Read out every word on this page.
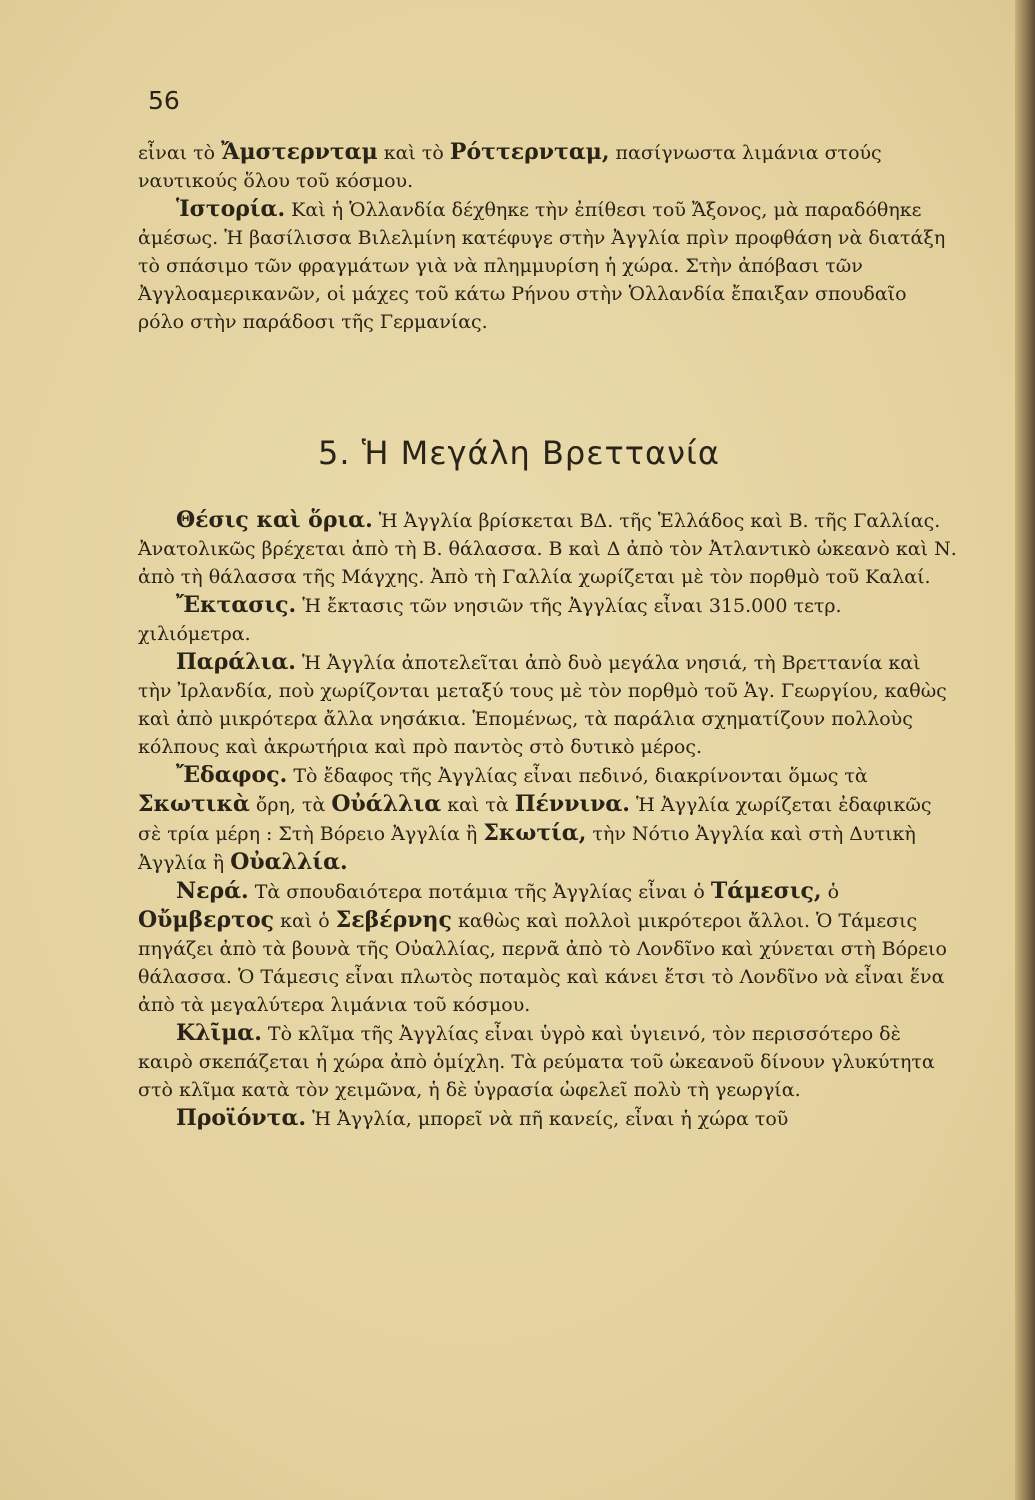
56

εἶναι τὸ Ἄμστερνταμ καὶ τὸ Ρόττερνταμ, πασίγνωστα λιμάνια στούς ναυτικούς ὅλου τοῦ κόσμου.

Ἱστορία. Καὶ ἡ Ὁλλανδία δέχθηκε τὴν ἐπίθεσι τοῦ Ἄξονος, μὰ παραδόθηκε ἀμέσως. Ἡ βασίλισσα Βιλελμίνη κατέφυγε στὴν Ἀγγλία πρὶν προφθάση νὰ διατάξη τὸ σπάσιμο τῶν φραγμάτων γιὰ νὰ πλημμυρίση ἡ χώρα. Στὴν ἀπόβασι τῶν Ἀγγλοαμερικανῶν, οἱ μάχες τοῦ κάτω Ρήνου στὴν Ὁλλανδία ἔπαιξαν σπουδαῖο ρόλο στὴν παράδοσι τῆς Γερμανίας.

5. Ἡ Μεγάλη Βρεττανία

Θέσις καὶ ὅρια. Ἡ Ἀγγλία βρίσκεται ΒΔ. τῆς Ἑλλάδος καὶ Β. τῆς Γαλλίας. Ἀνατολικῶς βρέχεται ἀπὸ τὴ Β. θάλασσα. Β καὶ Δ ἀπὸ τὸν Ἀτλαντικὸ ὠκεανὸ καὶ Ν. ἀπὸ τὴ θάλασσα τῆς Μάγχης. Ἀπὸ τὴ Γαλλία χωρίζεται μὲ τὸν πορθμὸ τοῦ Καλαί.

Ἔκτασις. Ἡ ἔκτασις τῶν νησιῶν τῆς Ἀγγλίας εἶναι 315.000 τετρ. χιλιόμετρα.

Παράλια. Ἡ Ἀγγλία ἀποτελεῖται ἀπὸ δυὸ μεγάλα νησιά, τὴ Βρεττανία καὶ τὴν Ἰρλανδία, ποὺ χωρίζονται μεταξύ τους μὲ τὸν πορθμὸ τοῦ Ἁγ. Γεωργίου, καθὼς καὶ ἀπὸ μικρότερα ἄλλα νησάκια. Ἑπομένως, τὰ παράλια σχηματίζουν πολλοὺς κόλπους καὶ ἀκρωτήρια καὶ πρὸ παντὸς στὸ δυτικὸ μέρος.

Ἔδαφος. Τὸ ἔδαφος τῆς Ἀγγλίας εἶναι πεδινό, διακρίνονται ὅμως τὰ Σκωτικὰ ὄρη, τὰ Οὐάλλια καὶ τὰ Πέννινα. Ἡ Ἀγγλία χωρίζεται ἐδαφικῶς σὲ τρία μέρη : Στὴ Βόρειο Ἀγγλία ἢ Σκωτία, τὴν Νότιο Ἀγγλία καὶ στὴ Δυτικὴ Ἀγγλία ἢ Οὐαλλία.

Νερά. Τὰ σπουδαιότερα ποτάμια τῆς Ἀγγλίας εἶναι ὁ Τάμεσις, ὁ Οὔμβερτος καὶ ὁ Σεβέρνης καθὼς καὶ πολλοὶ μικρότεροι ἄλλοι. Ὁ Τάμεσις πηγάζει ἀπὸ τὰ βουνὰ τῆς Οὐαλλίας, περνᾶ ἀπὸ τὸ Λονδῖνο καὶ χύνεται στὴ Βόρειο θάλασσα. Ὁ Τάμεσις εἶναι πλωτὸς ποταμὸς καὶ κάνει ἔτσι τὸ Λονδῖνο νὰ εἶναι ἕνα ἀπὸ τὰ μεγαλύτερα λιμάνια τοῦ κόσμου.

Κλῖμα. Τὸ κλῖμα τῆς Ἀγγλίας εἶναι ὑγρὸ καὶ ὑγιεινό, τὸν περισσότερο δὲ καιρὸ σκεπάζεται ἡ χώρα ἀπὸ ὁμίχλη. Τὰ ρεύματα τοῦ ὠκεανοῦ δίνουν γλυκύτητα στὸ κλῖμα κατὰ τὸν χειμῶνα, ἡ δὲ ὑγρασία ὠφελεῖ πολὺ τὴ γεωργία.

Προϊόντα. Ἡ Ἀγγλία, μπορεῖ νὰ πῆ κανείς, εἶναι ἡ χώρα τοῦ
